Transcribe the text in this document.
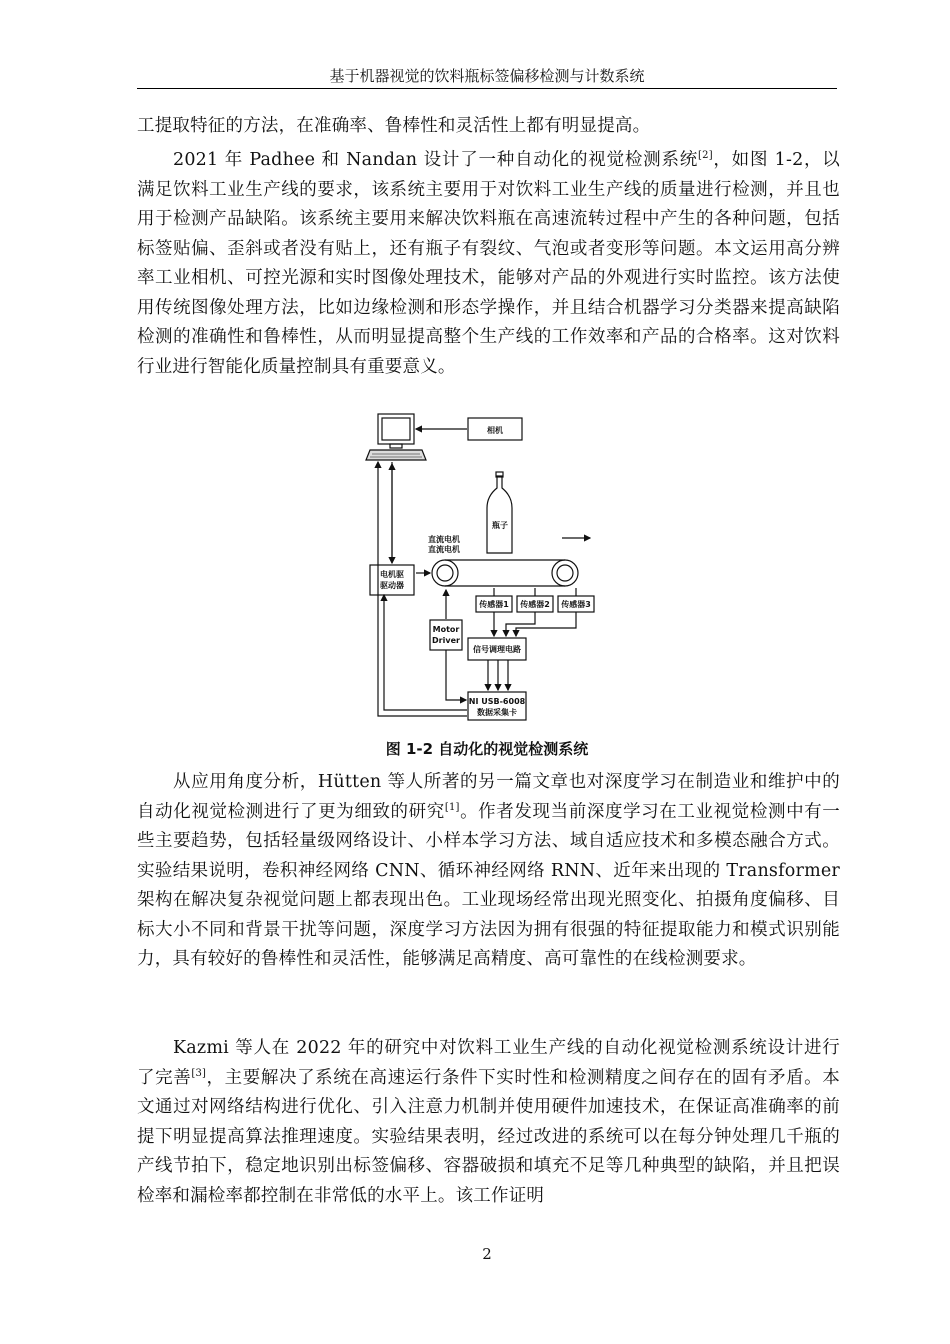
基于机器视觉的饮料瓶标签偏移检测与计数系统

工提取特征的方法，在准确率、鲁棒性和灵活性上都有明显提高。

2021 年 Padhee 和 Nandan 设计了一种自动化的视觉检测系统[2]，如图 1-2，以满足饮料工业生产线的要求，该系统主要用于对饮料工业生产线的质量进行检测，并且也用于检测产品缺陷。该系统主要用来解决饮料瓶在高速流转过程中产生的各种问题，包括标签贴偏、歪斜或者没有贴上，还有瓶子有裂纹、气泡或者变形等问题。本文运用高分辨率工业相机、可控光源和实时图像处理技术，能够对产品的外观进行实时监控。该方法使用传统图像处理方法，比如边缘检测和形态学操作，并且结合机器学习分类器来提高缺陷检测的准确性和鲁棒性，从而明显提高整个生产线的工作效率和产品的合格率。这对饮料行业进行智能化质量控制具有重要意义。

相机
瓶子
直流电机
直流电机
电机驱
驱动器
Motor
Driver
传感器1 传感器2 传感器3
信号调理电路
NI USB-6008
数据采集卡
图 1-2 自动化的视觉检测系统

从应用角度分析，Hütten 等人所著的另一篇文章也对深度学习在制造业和维护中的自动化视觉检测进行了更为细致的研究[1]。作者发现当前深度学习在工业视觉检测中有一些主要趋势，包括轻量级网络设计、小样本学习方法、域自适应技术和多模态融合方式。实验结果说明，卷积神经网络 CNN、循环神经网络 RNN、近年来出现的 Transformer 架构在解决复杂视觉问题上都表现出色。工业现场经常出现光照变化、拍摄角度偏移、目标大小不同和背景干扰等问题，深度学习方法因为拥有很强的特征提取能力和模式识别能力，具有较好的鲁棒性和灵活性，能够满足高精度、高可靠性的在线检测要求。

Kazmi 等人在 2022 年的研究中对饮料工业生产线的自动化视觉检测系统设计进行了完善[3]，主要解决了系统在高速运行条件下实时性和检测精度之间存在的固有矛盾。本文通过对网络结构进行优化、引入注意力机制并使用硬件加速技术，在保证高准确率的前提下明显提高算法推理速度。实验结果表明，经过改进的系统可以在每分钟处理几千瓶的产线节拍下，稳定地识别出标签偏移、容器破损和填充不足等几种典型的缺陷，并且把误检率和漏检率都控制在非常低的水平上。该工作证明

2
